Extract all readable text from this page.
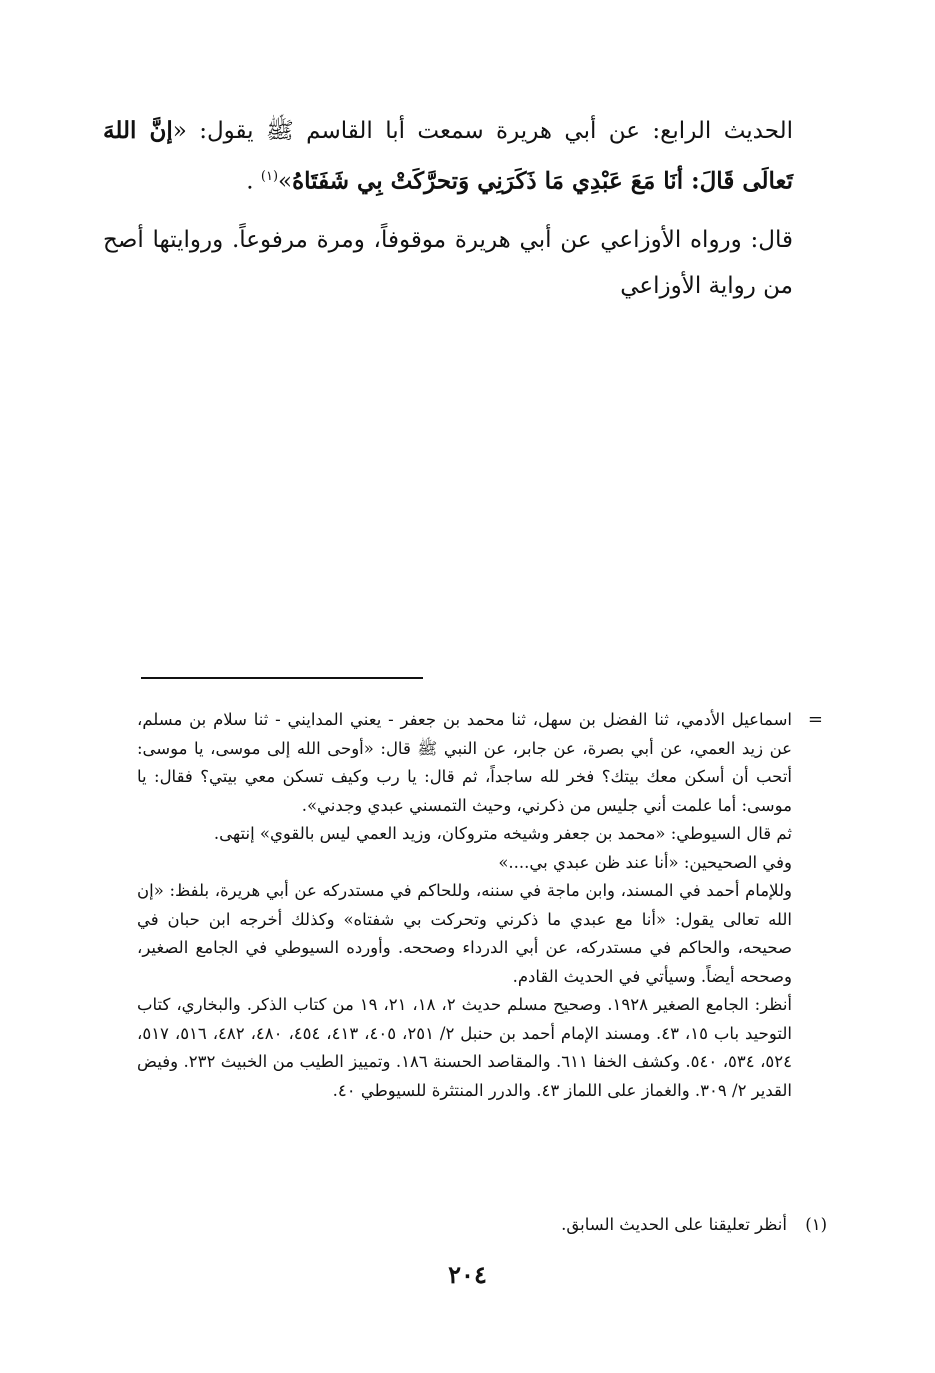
الحديث الرابع: عن أبي هريرة سمعت أبا القاسم ﷺ يقول: «إنَّ اللهَ تَعالَى قَالَ: أنَا مَعَ عَبْدِي مَا ذَكَرَنِي وَتحرَّكَتْ بِي شَفَتَاهُ»$^{(١)}$ .

قال: ورواه الأوزاعي عن أبي هريرة موقوفاً، ومرة مرفوعاً. وروايتها أصح من رواية الأوزاعي

=

اسماعيل الأدمي، ثنا الفضل بن سهل، ثنا محمد بن جعفر - يعني المدايني - ثنا سلام بن مسلم، عن زيد العمي، عن أبي بصرة، عن جابر، عن النبي ﷺ قال: «أوحى الله إلى موسى، يا موسى: أتحب أن أسكن معك بيتك؟ فخر لله ساجداً، ثم قال: يا رب وكيف تسكن معي بيتي؟ فقال: يا موسى: أما علمت أني جليس من ذكرني، وحيث التمسني عبدي وجدني».

ثم قال السيوطي: «محمد بن جعفر وشيخه متروكان، وزيد العمي ليس بالقوي» إنتهى.

وفي الصحيحين: «أنا عند ظن عبدي بي....»

وللإمام أحمد في المسند، وابن ماجة في سننه، وللحاكم في مستدركه عن أبي هريرة، بلفظ: «إن الله تعالى يقول: «أنا مع عبدي ما ذكرني وتحركت بي شفتاه» وكذلك أخرجه ابن حبان في صحيحه، والحاكم في مستدركه، عن أبي الدرداء وصححه. وأورده السيوطي في الجامع الصغير، وصححه أيضاً. وسيأتي في الحديث القادم.

أنظر: الجامع الصغير ١٩٢٨. وصحيح مسلم حديث ٢، ١٨، ٢١، ١٩ من كتاب الذكر. والبخاري، كتاب التوحيد باب ١٥، ٤٣. ومسند الإمام أحمد بن حنبل ٢/ ٢٥١، ٤٠٥، ٤١٣، ٤٥٤، ٤٨٠، ٤٨٢، ٥١٦، ٥١٧، ٥٢٤، ٥٣٤، ٥٤٠. وكشف الخفا ٦١١. والمقاصد الحسنة ١٨٦. وتمييز الطيب من الخبيث ٢٣٢. وفيض القدير ٢/ ٣٠٩. والغماز على اللماز ٤٣. والدرر المنتثرة للسيوطي ٤٠.

(١)أنظر تعليقنا على الحديث السابق.
٢٠٤
